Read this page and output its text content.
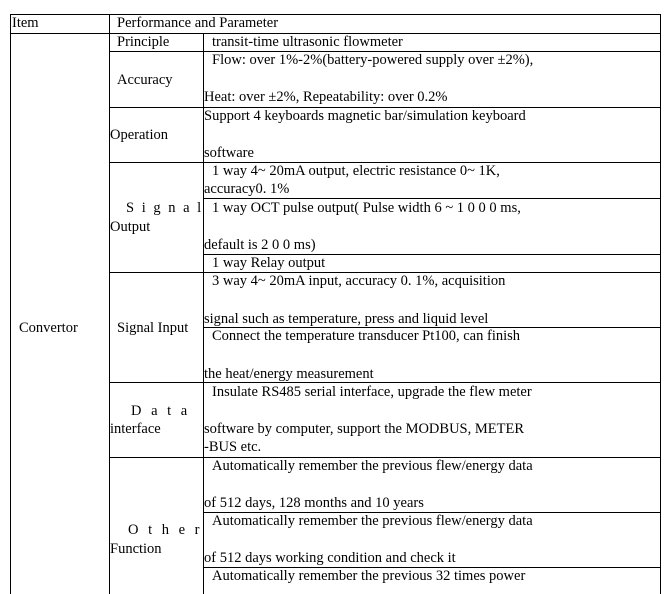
Item	Performance and Parameter
Convertor
Principle	transit-time ultrasonic flowmeter
Accuracy
Flow: over 1%-2%(battery-powered supply over ±2%),
Heat: over ±2%, Repeatability: over 0.2%
Operation
Support 4 keyboards magnetic bar/simulation keyboard
software
S i g n a l
Output
1 way 4~ 20mA output, electric resistance 0~ 1K,
accuracy0. 1%
1 way OCT pulse output( Pulse width 6 ~ 1 0 0 0 ms,
default is 2 0 0 ms)
1 way Relay output
Signal Input
3 way 4~ 20mA input, accuracy 0. 1%, acquisition
signal such as temperature, press and liquid level
Connect the temperature transducer Pt100, can finish
the heat/energy measurement
D a t a
interface
Insulate RS485 serial interface, upgrade the flew meter
software by computer, support the MODBUS, METER
-BUS etc.
O t h e r
Function
Automatically remember the previous flew/energy data
of 512 days, 128 months and 10 years
Automatically remember the previous flew/energy data
of 512 days working condition and check it
Automatically remember the previous 32 times power
